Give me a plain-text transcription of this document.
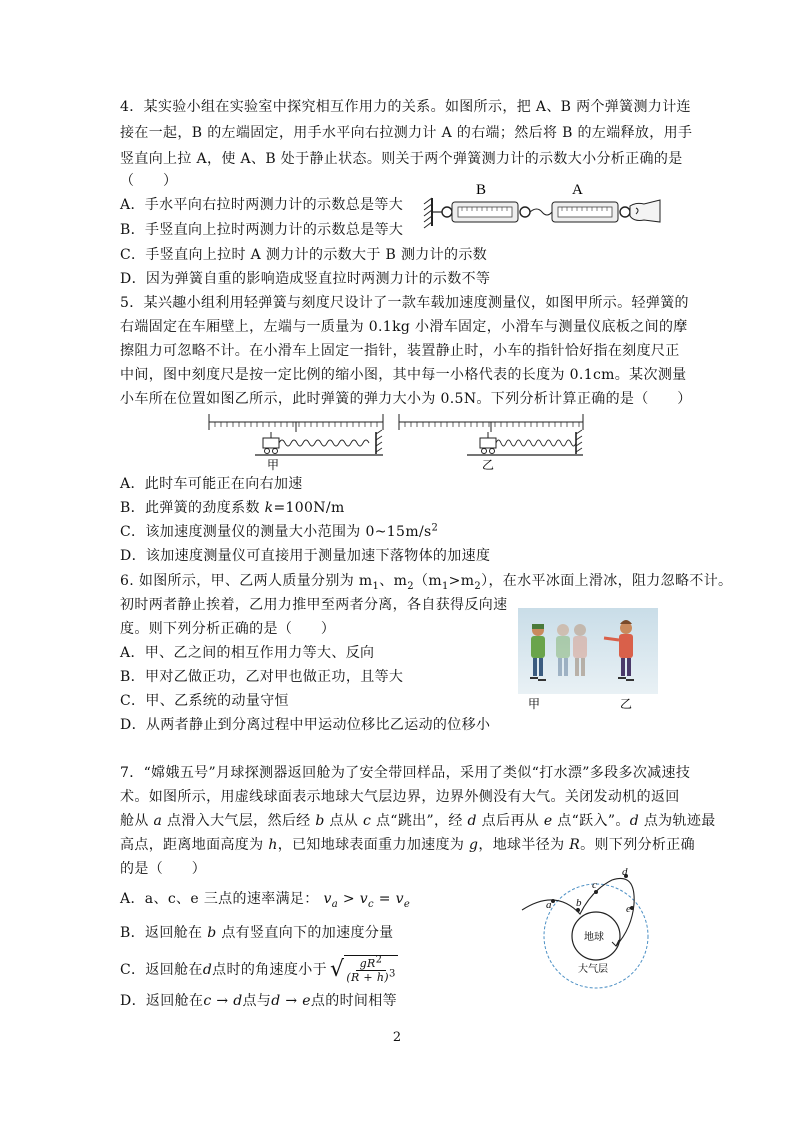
4．某实验小组在实验室中探究相互作用力的关系。如图所示，把 A、B 两个弹簧测力计连
接在一起，B 的左端固定，用手水平向右拉测力计 A 的右端；然后将 B 的左端释放，用手
竖直向上拉 A，使 A、B 处于静止状态。则关于两个弹簧测力计的示数大小分析正确的是
（　　）
A．手水平向右拉时两测力计的示数总是等大
B．手竖直向上拉时两测力计的示数总是等大
C．手竖直向上拉时 A 测力计的示数大于 B 测力计的示数
D．因为弹簧自重的影响造成竖直拉时两测力计的示数不等
B	A
5．某兴趣小组利用轻弹簧与刻度尺设计了一款车载加速度测量仪，如图甲所示。轻弹簧的
右端固定在车厢壁上，左端与一质量为 0.1kg 小滑车固定，小滑车与测量仪底板之间的摩
擦阻力可忽略不计。在小滑车上固定一指针，装置静止时，小车的指针恰好指在刻度尺正
中间，图中刻度尺是按一定比例的缩小图，其中每一小格代表的长度为 0.1cm。某次测量
小车所在位置如图乙所示，此时弹簧的弹力大小为 0.5N。下列分析计算正确的是（　　）
甲	乙
A．此时车可能正在向右加速
B．此弹簧的劲度系数 k=100N/m
C．该加速度测量仪的测量大小范围为 $0\sim 15m/s^2$
D．该加速度测量仪可直接用于测量加速下落物体的加速度
6. 如图所示，甲、乙两人质量分别为 $m_1$、$m_2(m_1>m_2)$，在水平冰面上滑冰，阻力忽略不计。
初时两者静止挨着，乙用力推甲至两者分离，各自获得反向速
度。则下列分析正确的是（　　）
A．甲、乙之间的相互作用力等大、反向
B．甲对乙做正功，乙对甲也做正功，且等大
C．甲、乙系统的动量守恒
D．从两者静止到分离过程中甲运动位移比乙运动的位移小
甲	乙
7．“嫦娥五号”月球探测器返回舱为了安全带回样品，采用了类似“打水漂”多段多次减速技
术。如图所示，用虚线球面表示地球大气层边界，边界外侧没有大气。关闭发动机的返回
舱从 a 点滑入大气层，然后经 b 点从 c 点“跳出”，经 d 点后再从 e 点“跃入”。d 点为轨迹最
高点，距离地面高度为 h，已知地球表面重力加速度为 g，地球半径为 R。则下列分析正确
的是（　　）
A．a、c、e 三点的速率满足： $v_a > v_c = v_e$
B．返回舱在 b 点有竖直向下的加速度分量
C．返回舱在 d 点时的角速度小于 √	$gR^2$
$(R + h)^3$
D．返回舱在c → d点与d → e点的时间相等
a b
c
d
e
地球
大气层
2
